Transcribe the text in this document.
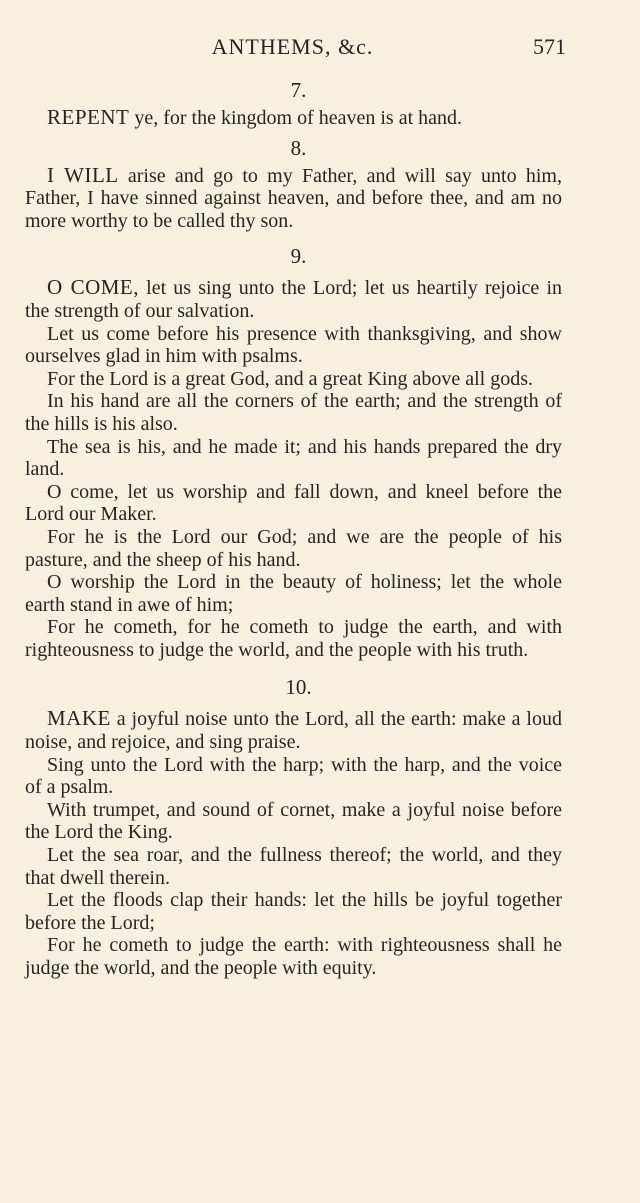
ANTHEMS, &c.	571
7.

REPENT ye, for the kingdom of heaven is at hand.

8.

I WILL arise and go to my Father, and will say unto him, Father, I have sinned against heaven, and before thee, and am no more worthy to be called thy son.

9.

O COME, let us sing unto the Lord; let us heartily rejoice in the strength of our salvation.

Let us come before his presence with thanksgiving, and show ourselves glad in him with psalms.

For the Lord is a great God, and a great King above all gods.

In his hand are all the corners of the earth; and the strength of the hills is his also.

The sea is his, and he made it; and his hands prepared the dry land.

O come, let us worship and fall down, and kneel before the Lord our Maker.

For he is the Lord our God; and we are the people of his pasture, and the sheep of his hand.

O worship the Lord in the beauty of holiness; let the whole earth stand in awe of him;

For he cometh, for he cometh to judge the earth, and with righteousness to judge the world, and the people with his truth.

10.

MAKE a joyful noise unto the Lord, all the earth: make a loud noise, and rejoice, and sing praise.

Sing unto the Lord with the harp; with the harp, and the voice of a psalm.

With trumpet, and sound of cornet, make a joyful noise before the Lord the King.

Let the sea roar, and the fullness thereof; the world, and they that dwell therein.

Let the floods clap their hands: let the hills be joyful together before the Lord;

For he cometh to judge the earth: with righteousness shall he judge the world, and the people with equity.
